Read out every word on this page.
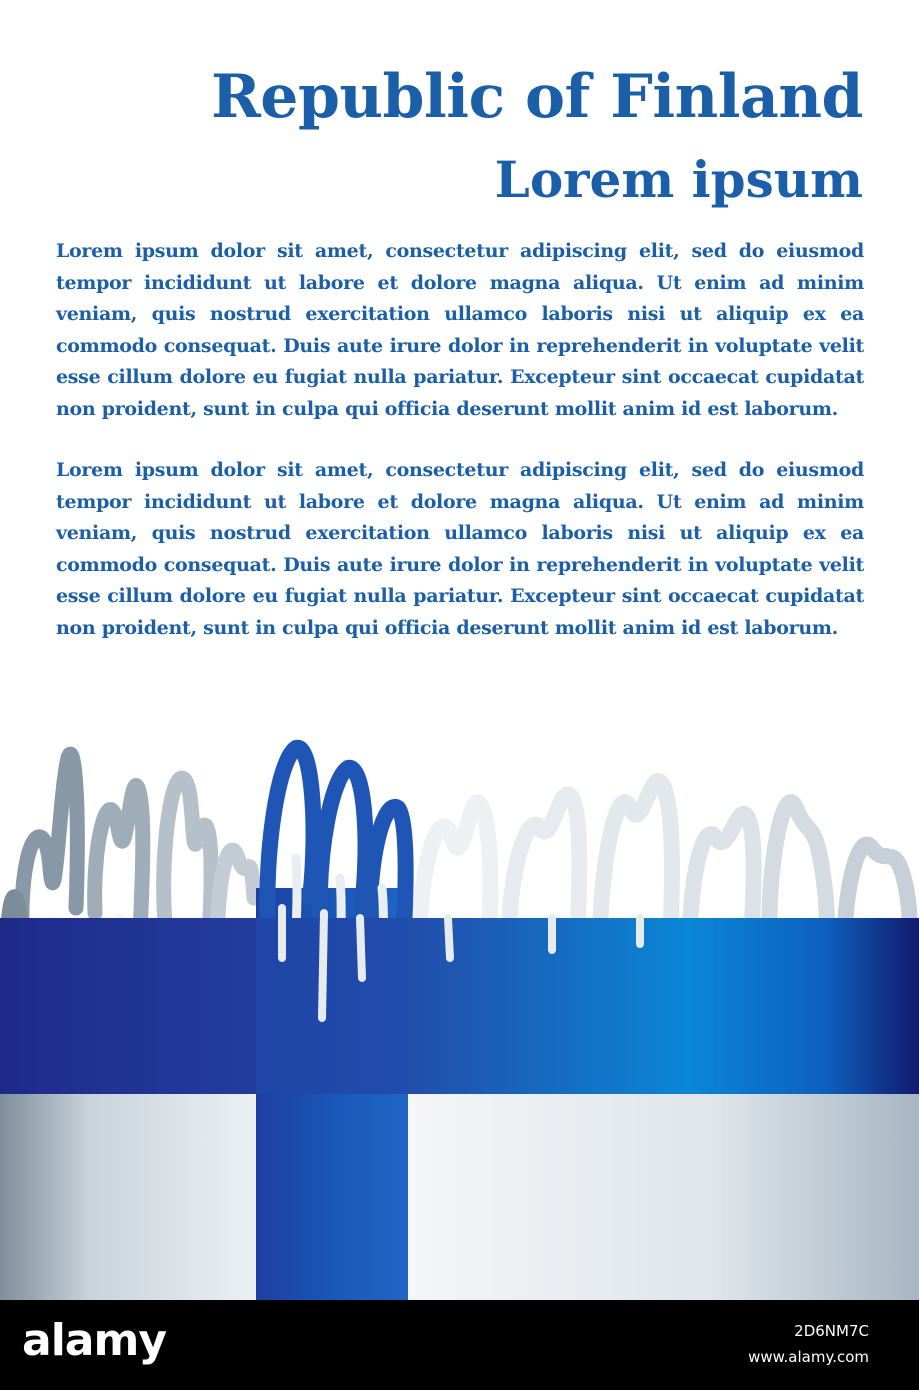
Republic of Finland
Lorem ipsum

Lorem ipsum dolor sit amet, consectetur adipiscing elit, sed do eiusmod tempor incididunt ut labore et dolore magna aliqua. Ut enim ad minim veniam, quis nostrud exercitation ullamco laboris nisi ut aliquip ex ea commodo consequat. Duis aute irure dolor in reprehenderit in voluptate velit esse cillum dolore eu fugiat nulla pariatur. Excepteur sint occaecat cupidatat non proident, sunt in culpa qui officia deserunt mollit anim id est laborum.

Lorem ipsum dolor sit amet, consectetur adipiscing elit, sed do eiusmod tempor incididunt ut labore et dolore magna aliqua. Ut enim ad minim veniam, quis nostrud exercitation ullamco laboris nisi ut aliquip ex ea commodo consequat. Duis aute irure dolor in reprehenderit in voluptate velit esse cillum dolore eu fugiat nulla pariatur. Excepteur sint occaecat cupidatat non proident, sunt in culpa qui officia deserunt mollit anim id est laborum.

alamy	2D6NM7C
www.alamy.com
